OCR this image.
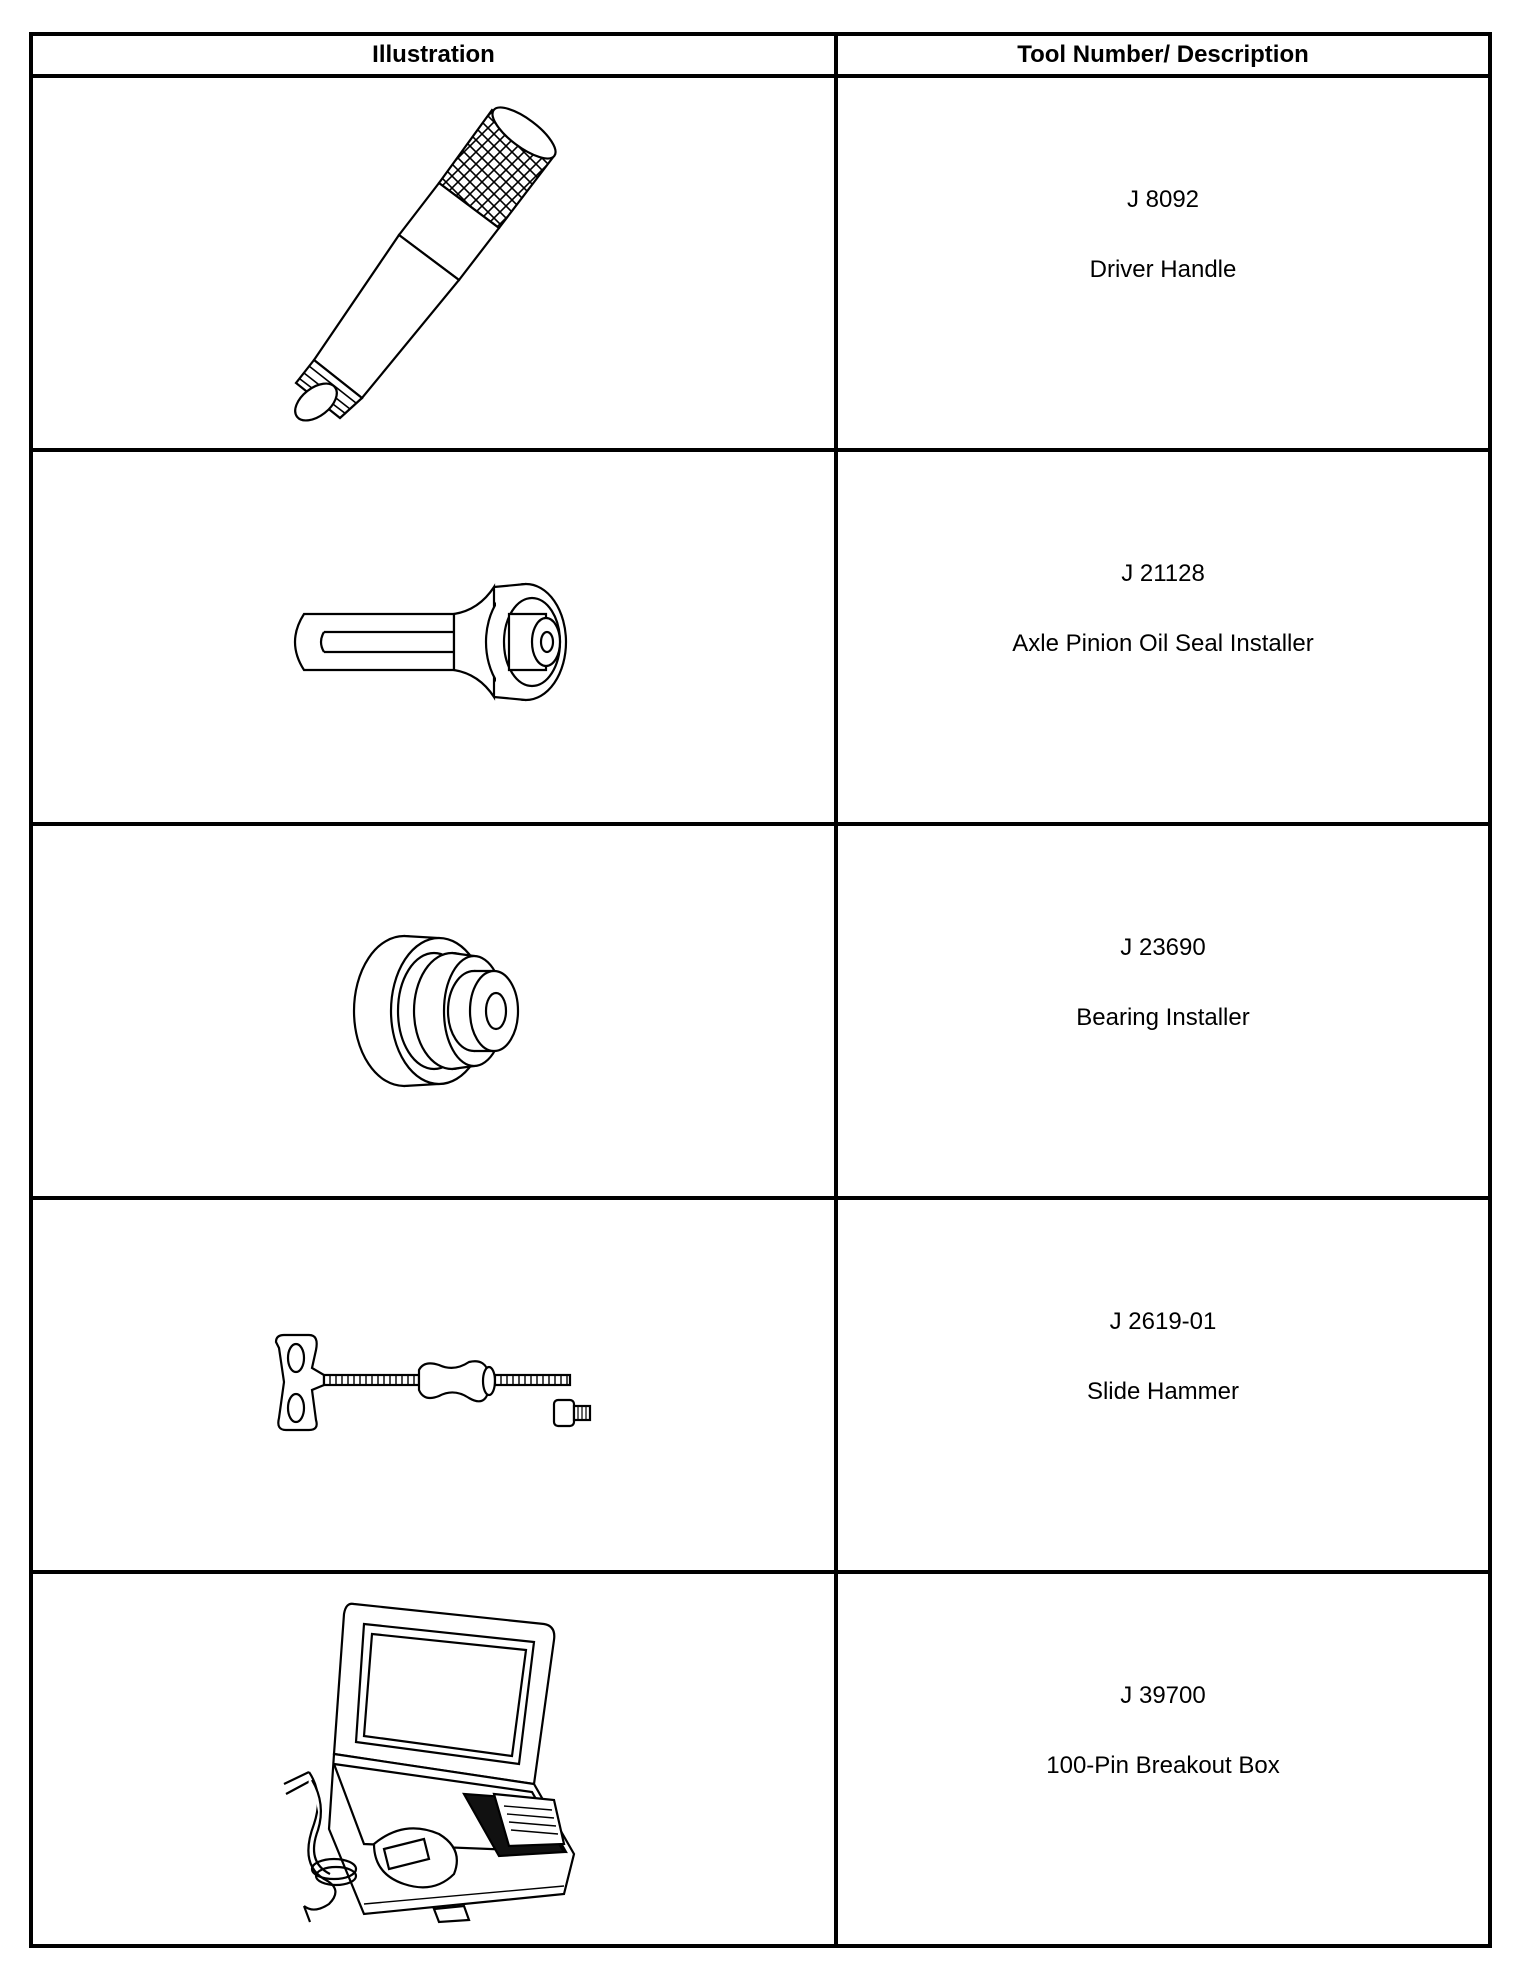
Illustration	Tool Number/ Description

J 8092
Driver Handle

J 21128
Axle Pinion Oil Seal Installer

J 23690
Bearing Installer

J 2619-01
Slide Hammer

J 39700
100-Pin Breakout Box
